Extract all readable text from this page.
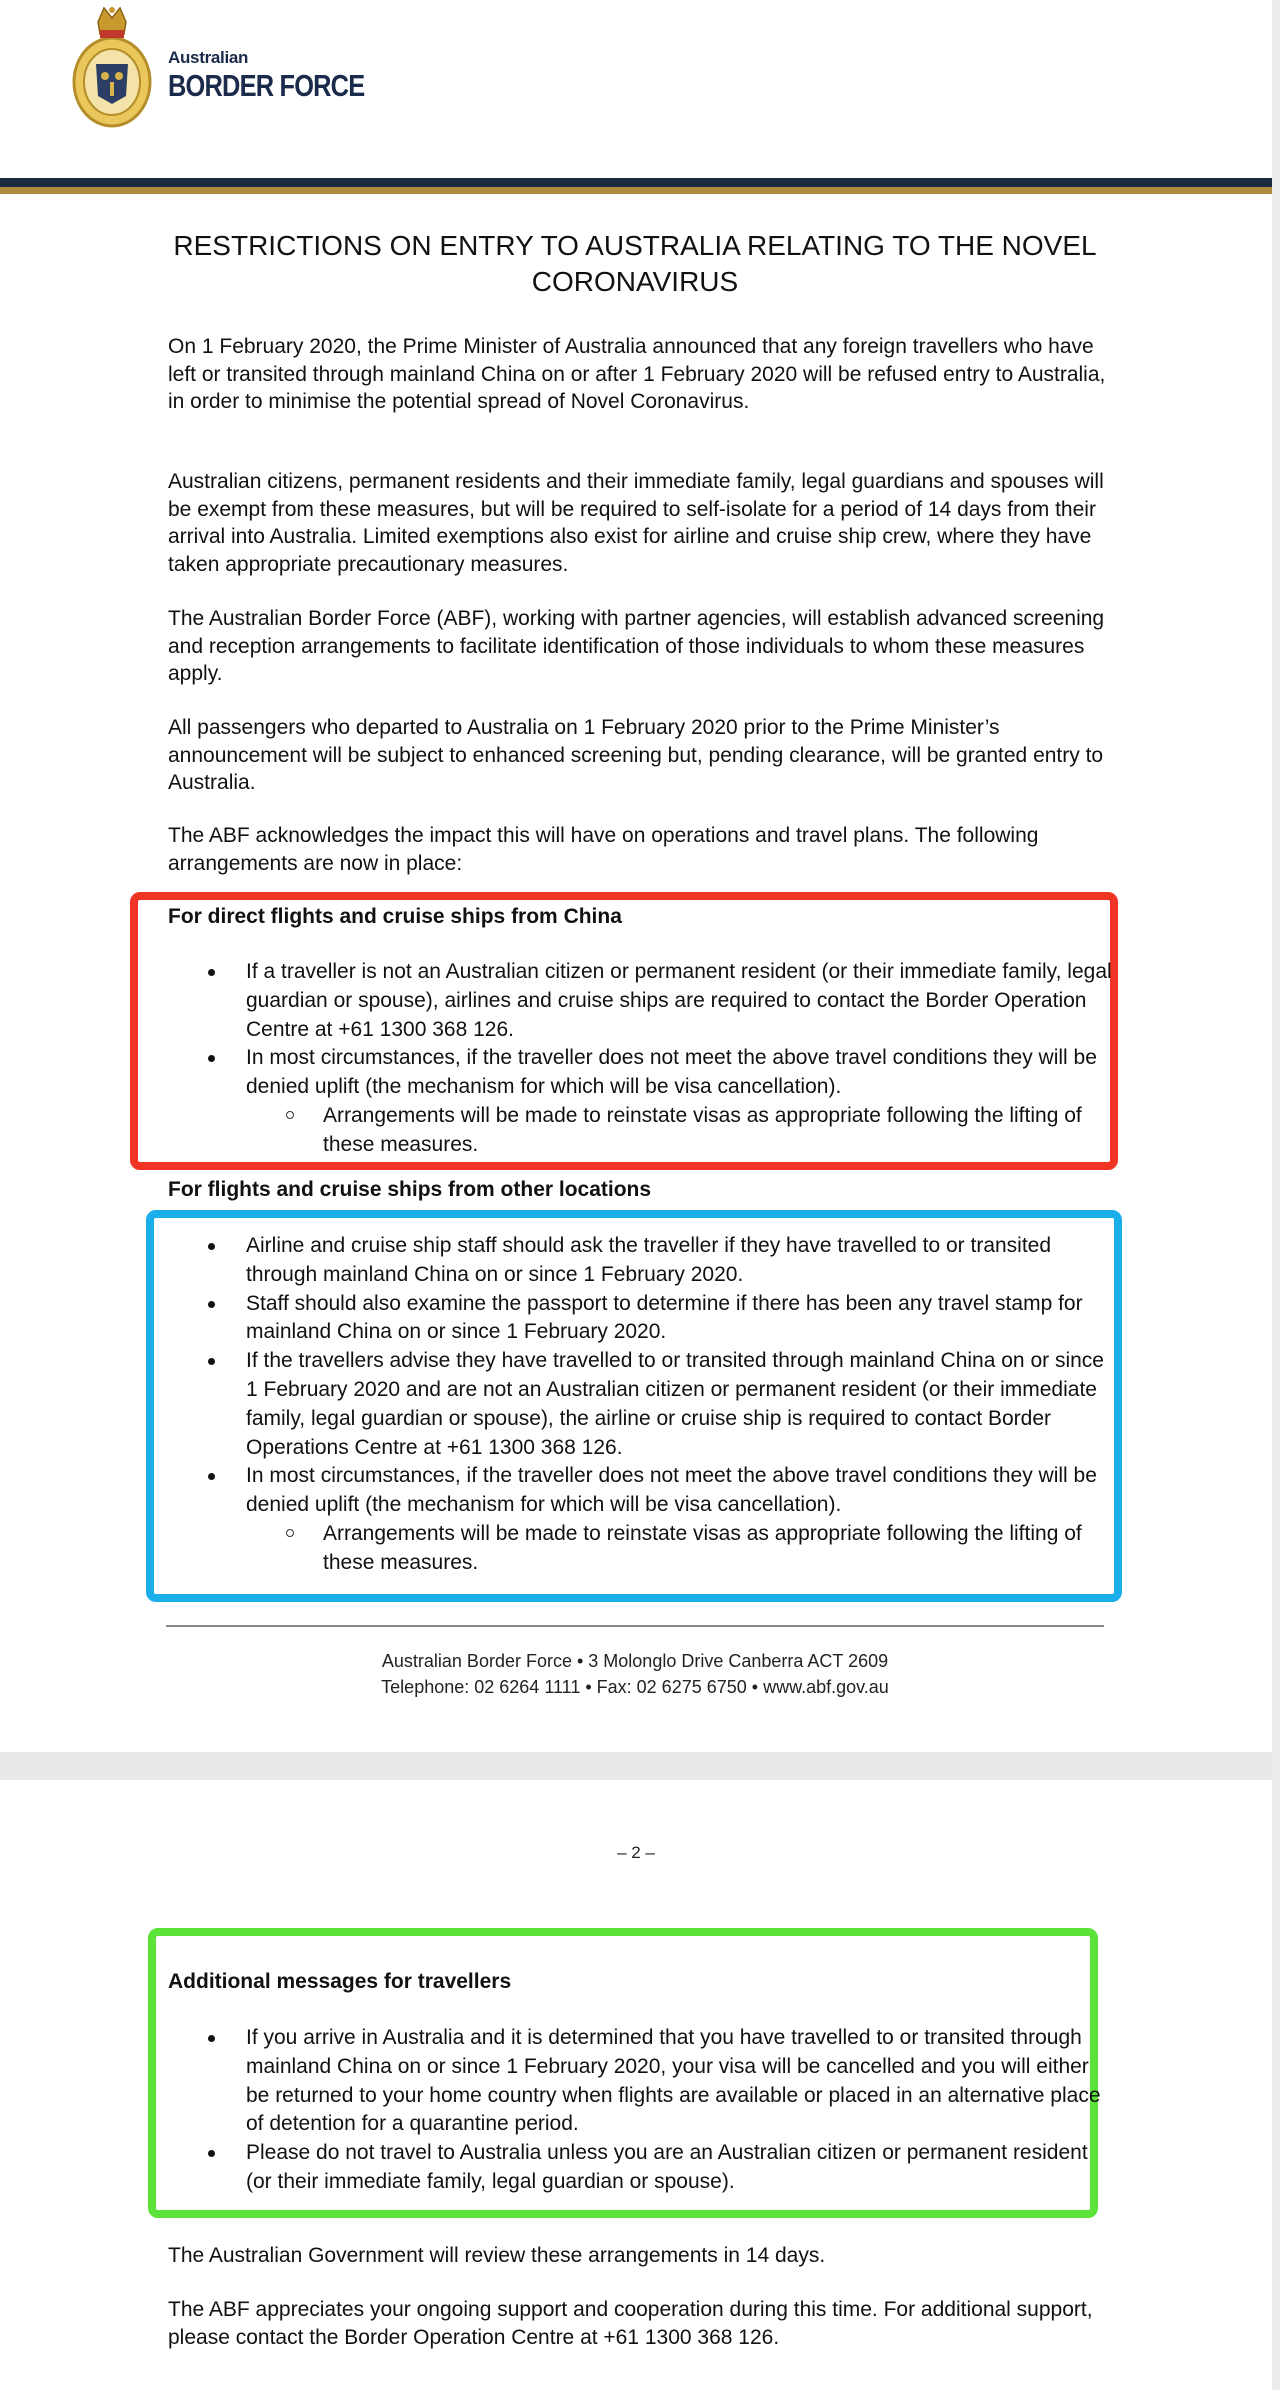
Australian
BORDER FORCE
RESTRICTIONS ON ENTRY TO AUSTRALIA RELATING TO THE NOVEL CORONAVIRUS
On 1 February 2020, the Prime Minister of Australia announced that any foreign travellers who have left or transited through mainland China on or after 1 February 2020 will be refused entry to Australia, in order to minimise the potential spread of Novel Coronavirus.
Australian citizens, permanent residents and their immediate family, legal guardians and spouses will be exempt from these measures, but will be required to self-isolate for a period of 14 days from their arrival into Australia. Limited exemptions also exist for airline and cruise ship crew, where they have taken appropriate precautionary measures.
The Australian Border Force (ABF), working with partner agencies, will establish advanced screening and reception arrangements to facilitate identification of those individuals to whom these measures apply.
All passengers who departed to Australia on 1 February 2020 prior to the Prime Minister’s announcement will be subject to enhanced screening but, pending clearance, will be granted entry to Australia.
The ABF acknowledges the impact this will have on operations and travel plans. The following arrangements are now in place:
For direct flights and cruise ships from China
If a traveller is not an Australian citizen or permanent resident (or their immediate family, legal guardian or spouse), airlines and cruise ships are required to contact the Border Operation Centre at +61 1300 368 126.
In most circumstances, if the traveller does not meet the above travel conditions they will be denied uplift (the mechanism for which will be visa cancellation).
Arrangements will be made to reinstate visas as appropriate following the lifting of these measures.
For flights and cruise ships from other locations
Airline and cruise ship staff should ask the traveller if they have travelled to or transited through mainland China on or since 1 February 2020.
Staff should also examine the passport to determine if there has been any travel stamp for mainland China on or since 1 February 2020.
If the travellers advise they have travelled to or transited through mainland China on or since 1 February 2020 and are not an Australian citizen or permanent resident (or their immediate family, legal guardian or spouse), the airline or cruise ship is required to contact Border Operations Centre at +61 1300 368 126.
In most circumstances, if the traveller does not meet the above travel conditions they will be denied uplift (the mechanism for which will be visa cancellation).
Arrangements will be made to reinstate visas as appropriate following the lifting of these measures.
Australian Border Force • 3 Molonglo Drive Canberra ACT 2609
Telephone: 02 6264 1111 • Fax: 02 6275 6750 • www.abf.gov.au
– 2 –
Additional messages for travellers
If you arrive in Australia and it is determined that you have travelled to or transited through mainland China on or since 1 February 2020, your visa will be cancelled and you will either be returned to your home country when flights are available or placed in an alternative place of detention for a quarantine period.
Please do not travel to Australia unless you are an Australian citizen or permanent resident (or their immediate family, legal guardian or spouse).
The Australian Government will review these arrangements in 14 days.
The ABF appreciates your ongoing support and cooperation during this time. For additional support, please contact the Border Operation Centre at +61 1300 368 126.
